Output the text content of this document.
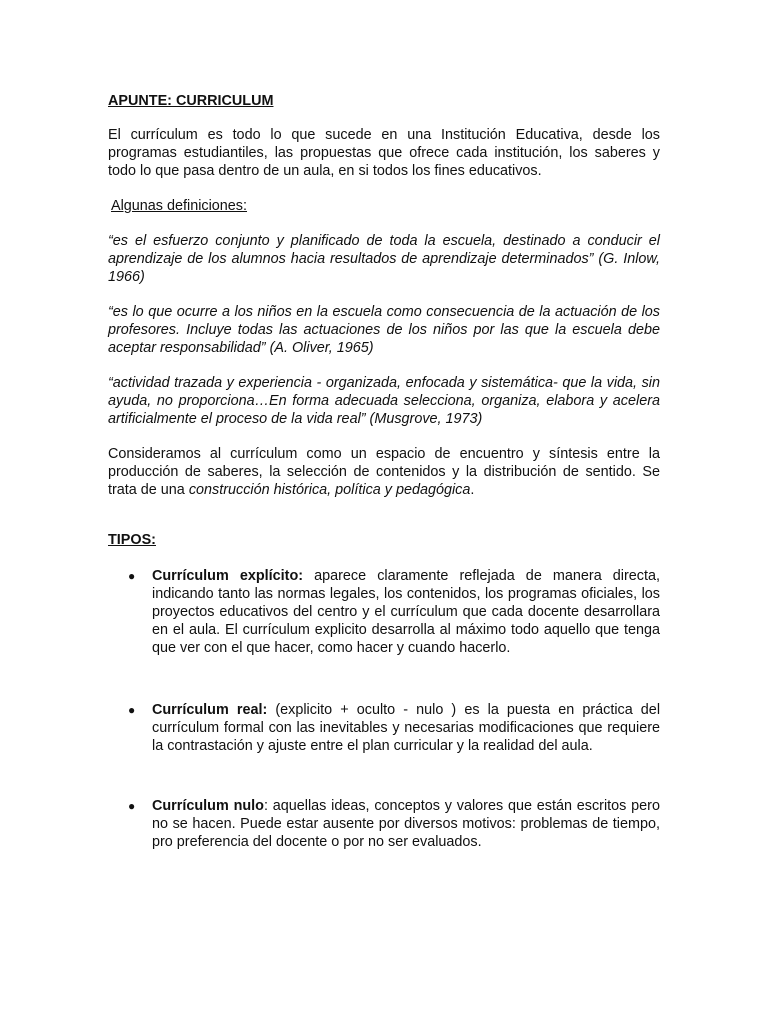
APUNTE: CURRICULUM

El currículum es todo lo que sucede en una Institución Educativa, desde los programas estudiantiles, las propuestas que ofrece cada institución, los saberes y todo lo que pasa dentro de un aula, en si todos los fines educativos.

Algunas definiciones:

“es el esfuerzo conjunto y planificado de toda la escuela, destinado a conducir el aprendizaje de los alumnos hacia resultados de aprendizaje determinados” (G. Inlow, 1966)

“es lo que ocurre a los niños en la escuela como consecuencia de la actuación de los profesores. Incluye todas las actuaciones de los niños por las que la escuela debe aceptar responsabilidad” (A. Oliver, 1965)

“actividad trazada y experiencia - organizada, enfocada y sistemática- que la vida, sin ayuda, no proporciona…En forma adecuada selecciona, organiza, elabora y acelera artificialmente el proceso de la vida real” (Musgrove, 1973)

Consideramos al currículum como un espacio de encuentro y síntesis entre la producción de saberes, la selección de contenidos y la distribución de sentido. Se trata de una construcción histórica, política y pedagógica.

TIPOS:

● Currículum explícito: aparece claramente reflejada de manera directa, indicando tanto las normas legales, los contenidos, los programas oficiales, los proyectos educativos del centro y el currículum que cada docente desarrollara en el aula. El currículum explicito desarrolla al máximo todo aquello que tenga que ver con el que hacer, como hacer y cuando hacerlo.
● Currículum real: (explicito + oculto - nulo ) es la puesta en práctica del currículum formal con las inevitables y necesarias modificaciones que requiere la contrastación y ajuste entre el plan curricular y la realidad del aula.
● Currículum nulo: aquellas ideas, conceptos y valores que están escritos pero no se hacen. Puede estar ausente por diversos motivos: problemas de tiempo, pro preferencia del docente o por no ser evaluados.
